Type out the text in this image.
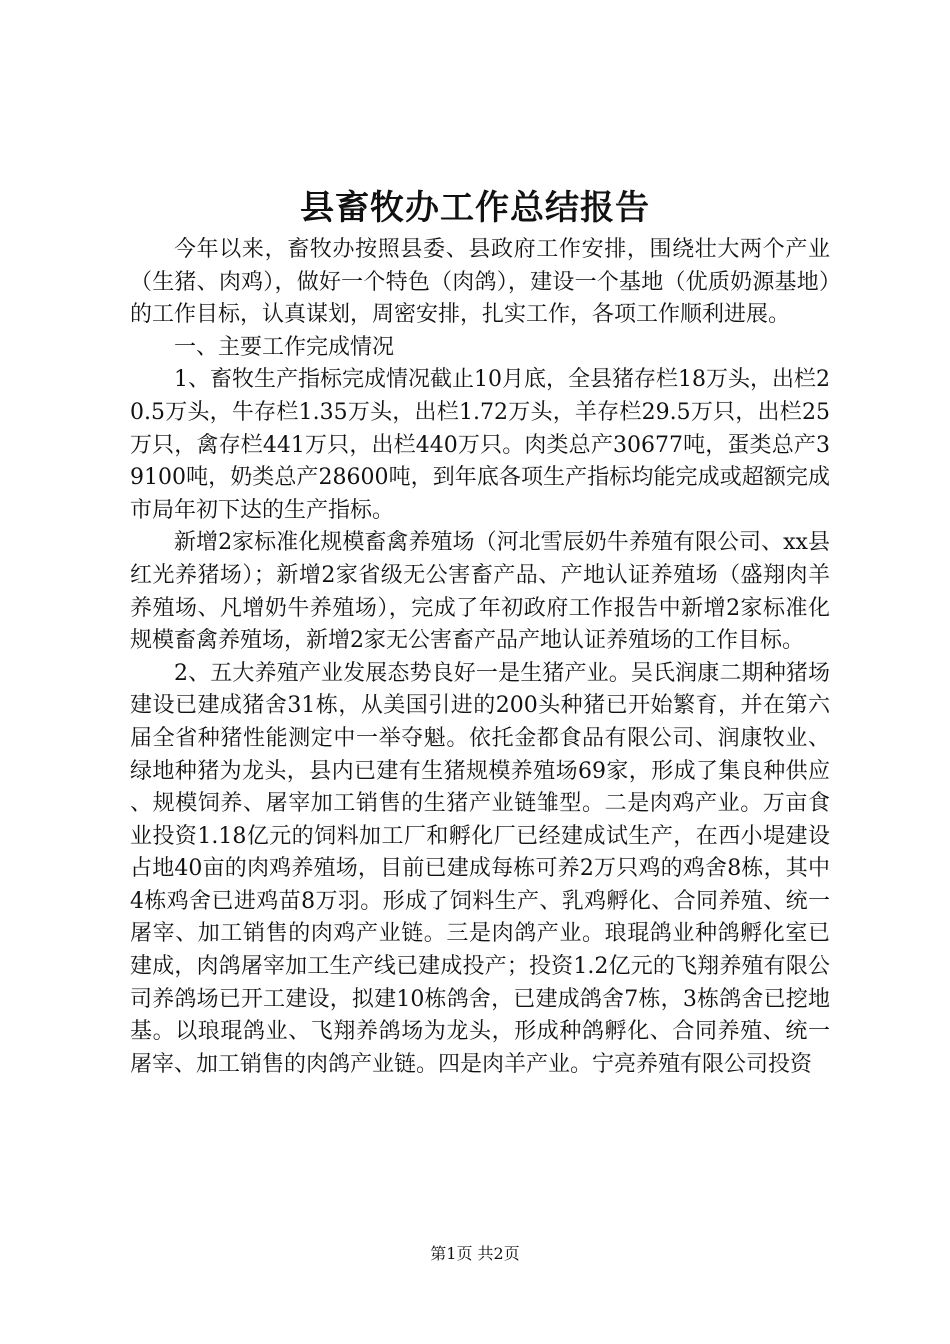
县畜牧办工作总结报告

今年以来，畜牧办按照县委、县政府工作安排，围绕壮大两个产业（生猪、肉鸡），做好一个特色（肉鸽），建设一个基地（优质奶源基地）的工作目标，认真谋划，周密安排，扎实工作，各项工作顺利进展。

一、主要工作完成情况

1、畜牧生产指标完成情况截止10月底，全县猪存栏18万头，出栏20.5万头，牛存栏1.35万头，出栏1.72万头，羊存栏29.5万只，出栏25万只，禽存栏441万只，出栏440万只。肉类总产30677吨，蛋类总产39100吨，奶类总产28600吨，到年底各项生产指标均能完成或超额完成市局年初下达的生产指标。

新增2家标准化规模畜禽养殖场（河北雪辰奶牛养殖有限公司、xx县红光养猪场）；新增2家省级无公害畜产品、产地认证养殖场（盛翔肉羊养殖场、凡增奶牛养殖场），完成了年初政府工作报告中新增2家标准化规模畜禽养殖场，新增2家无公害畜产品产地认证养殖场的工作目标。

2、五大养殖产业发展态势良好一是生猪产业。吴氏润康二期种猪场建设已建成猪舍31栋，从美国引进的200头种猪已开始繁育，并在第六届全省种猪性能测定中一举夺魁。依托金都食品有限公司、润康牧业、绿地种猪为龙头，县内已建有生猪规模养殖场69家，形成了集良种供应、规模饲养、屠宰加工销售的生猪产业链雏型。二是肉鸡产业。万亩食业投资1.18亿元的饲料加工厂和孵化厂已经建成试生产，在西小堤建设占地40亩的肉鸡养殖场，目前已建成每栋可养2万只鸡的鸡舍8栋，其中4栋鸡舍已进鸡苗8万羽。形成了饲料生产、乳鸡孵化、合同养殖、统一屠宰、加工销售的肉鸡产业链。三是肉鸽产业。琅琨鸽业种鸽孵化室已建成，肉鸽屠宰加工生产线已建成投产；投资1.2亿元的飞翔养殖有限公司养鸽场已开工建设，拟建10栋鸽舍，已建成鸽舍7栋，3栋鸽舍已挖地基。以琅琨鸽业、飞翔养鸽场为龙头，形成种鸽孵化、合同养殖、统一屠宰、加工销售的肉鸽产业链。四是肉羊产业。宁亮养殖有限公司投资

第1页 共2页
